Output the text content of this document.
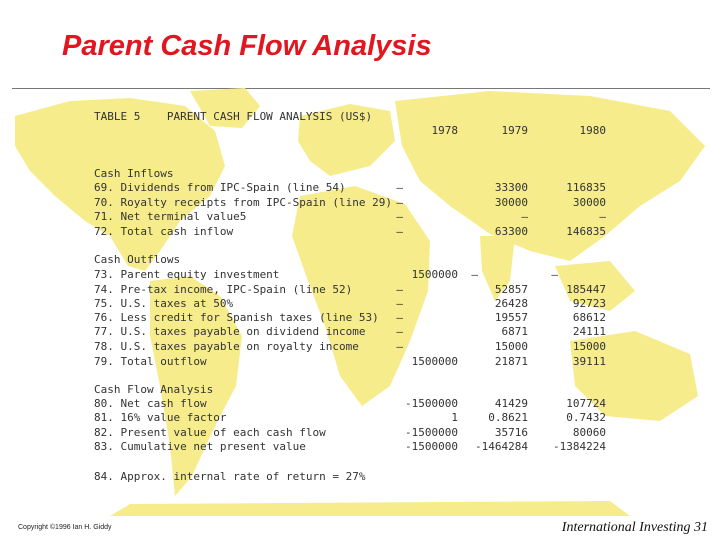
Parent Cash Flow Analysis
TABLE 5    PARENT CASH FLOW ANALYSIS (US$)
1978	1979	1980
Cash Inflows
69. Dividends from IPC-Spain (line 54)	—	33300	116835
70. Royalty receipts from IPC-Spain (line 29) —	30000	30000
71. Net terminal value5	—	—	—
72. Total cash inflow	—	63300	146835
Cash Outflows
73. Parent equity investment	1500000	—	—
74. Pre-tax income, IPC-Spain (line 52)	—	52857	185447
75. U.S. taxes at 50%	—	26428	92723
76. Less credit for Spanish taxes (line 53)	—	19557	68612
77. U.S. taxes payable on dividend income	—	6871	24111
78. U.S. taxes payable on royalty income	—	15000	15000
79. Total outflow	1500000	21871	39111
Cash Flow Analysis
80. Net cash flow	-1500000	41429	107724
81. 16% value factor	1	0.8621	0.7432
82. Present value of each cash flow	-1500000	35716	80060
83. Cumulative net present value	-1500000	-1464284	-1384224
84. Approx. internal rate of return = 27%
Copyright ©1996 Ian H. Giddy	International Investing 31
